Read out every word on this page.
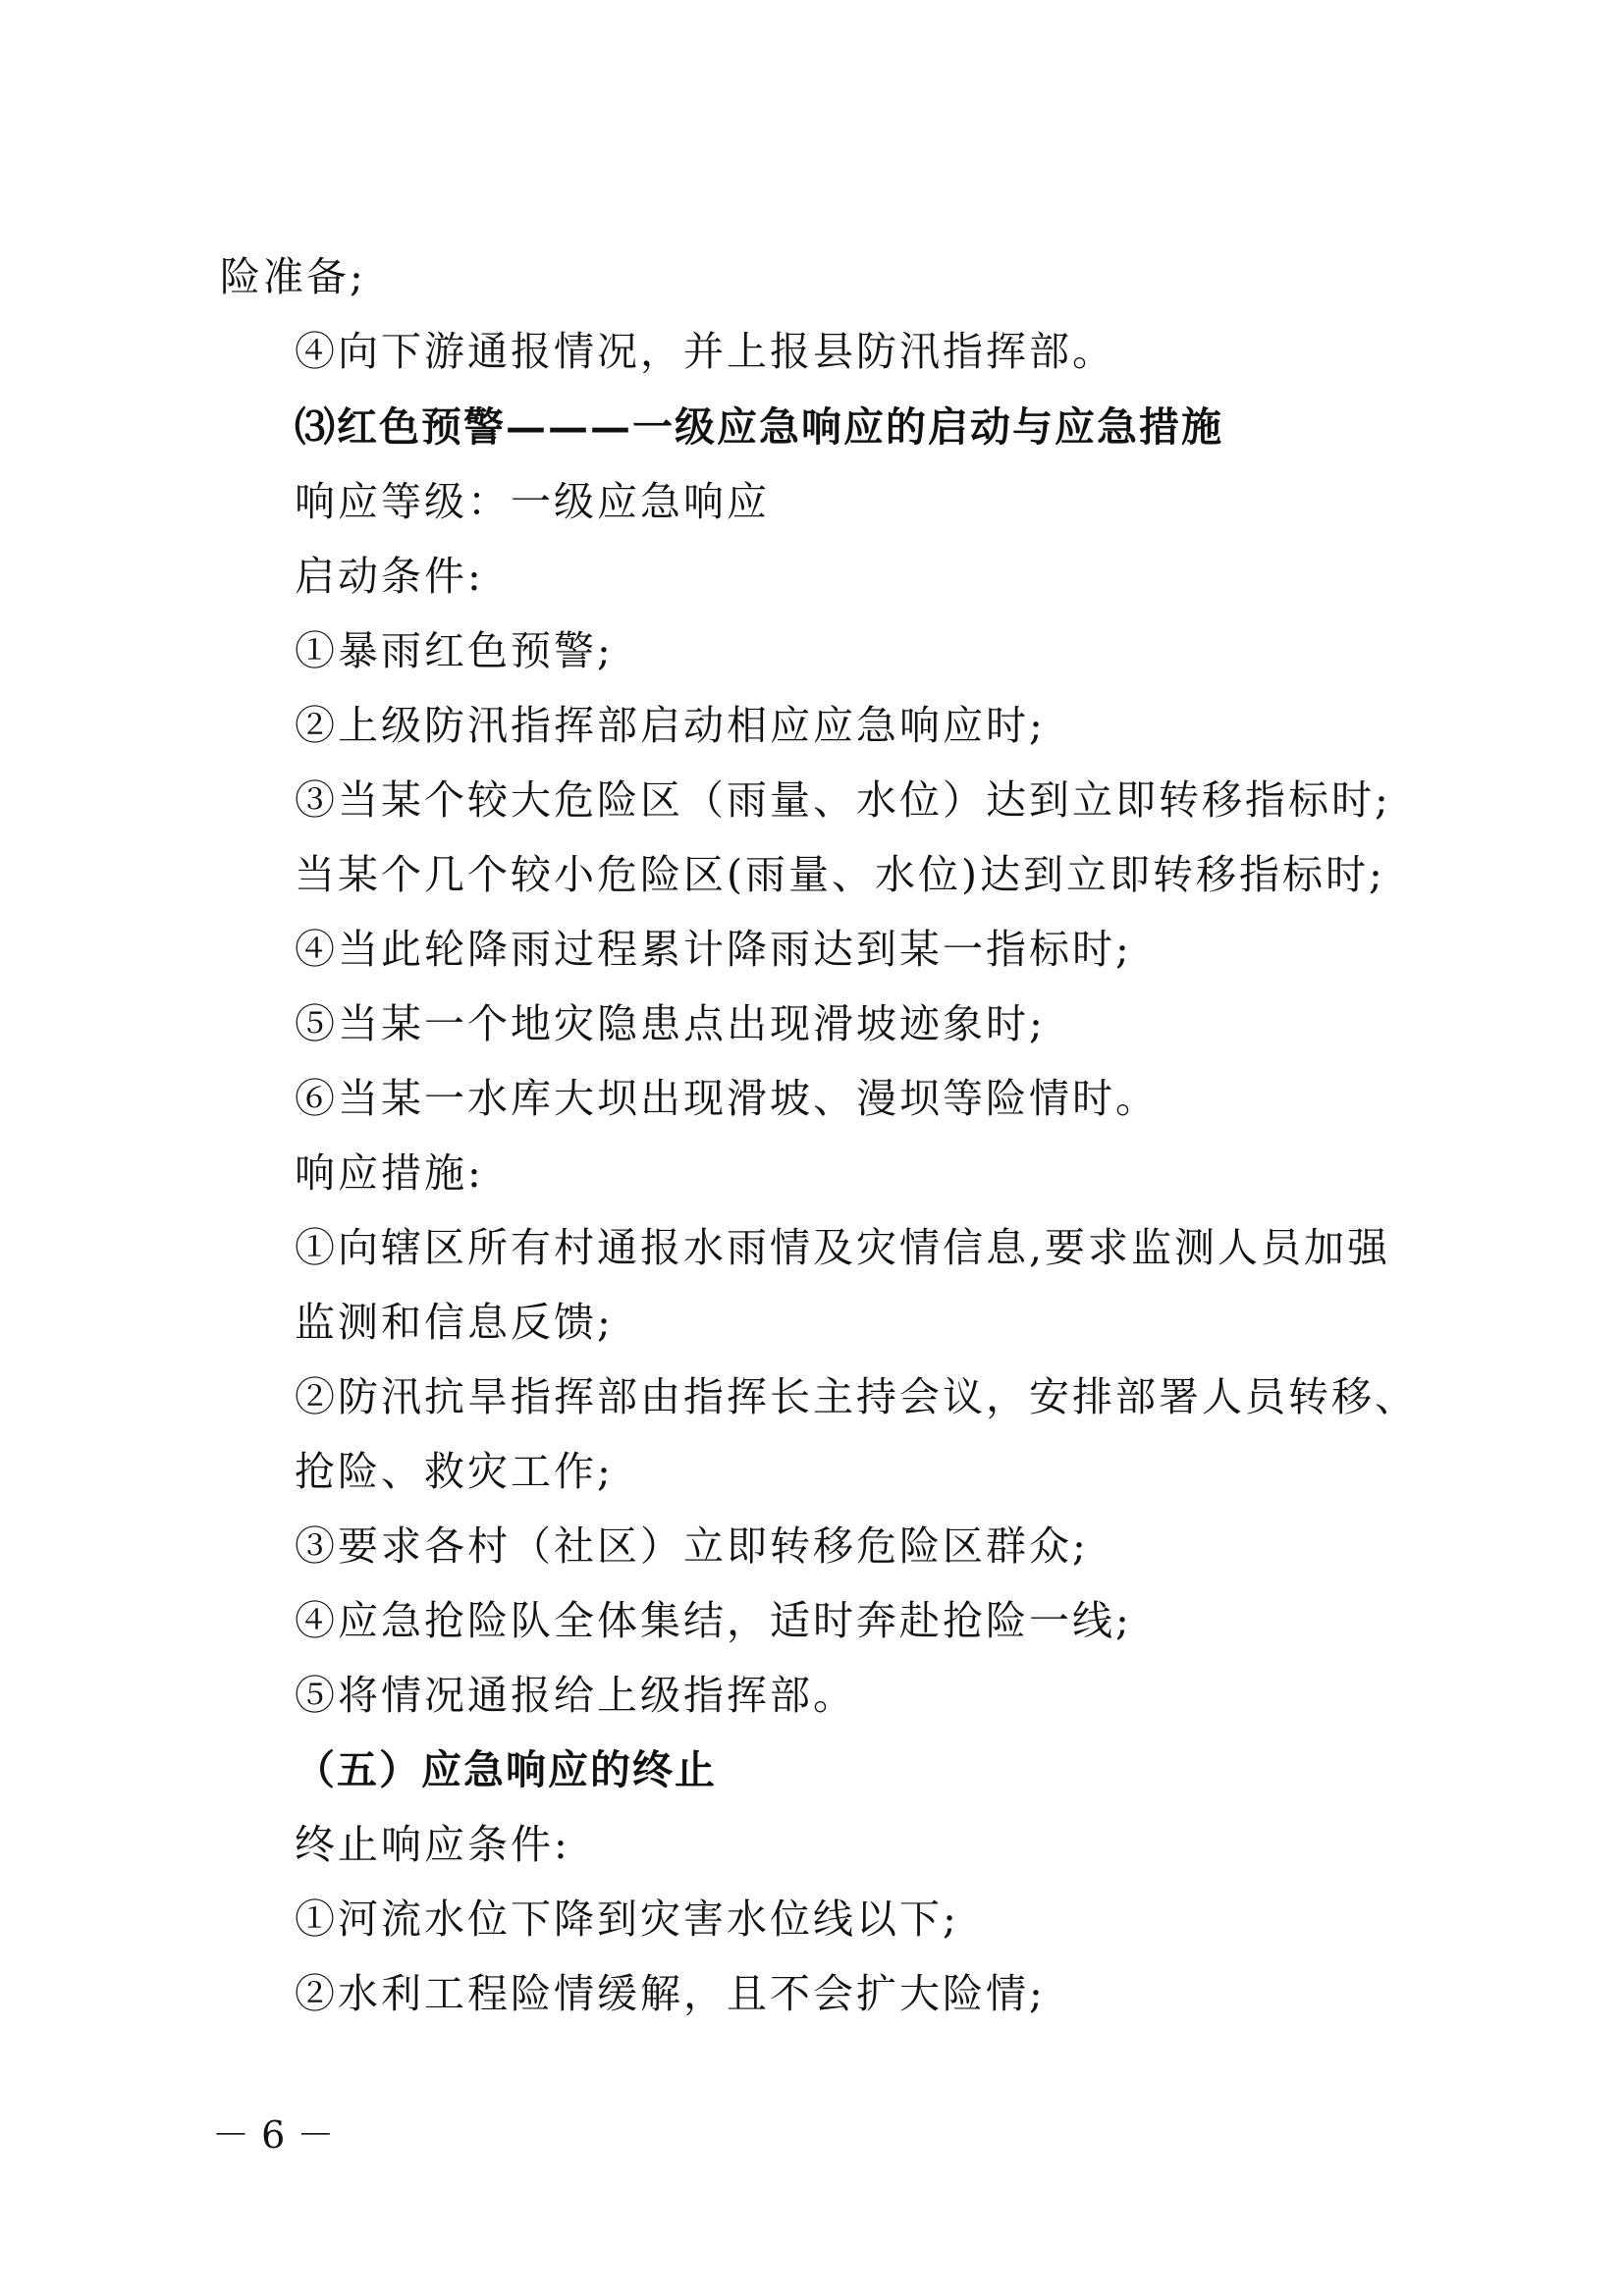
险准备;
④向下游通报情况，并上报县防汛指挥部。
⑶红色预警———一级应急响应的启动与应急措施
响应等级：一级应急响应
启动条件:
①暴雨红色预警;
②上级防汛指挥部启动相应应急响应时;
③当某个较大危险区（雨量、水位）达到立即转移指标时;
当某个几个较小危险区(雨量、水位)达到立即转移指标时;
④当此轮降雨过程累计降雨达到某一指标时;
⑤当某一个地灾隐患点出现滑坡迹象时;
⑥当某一水库大坝出现滑坡、漫坝等险情时。
响应措施:
①向辖区所有村通报水雨情及灾情信息,要求监测人员加强
监测和信息反馈;
②防汛抗旱指挥部由指挥长主持会议，安排部署人员转移、
抢险、救灾工作;
③要求各村（社区）立即转移危险区群众;
④应急抢险队全体集结，适时奔赴抢险一线;
⑤将情况通报给上级指挥部。
（五）应急响应的终止
终止响应条件:
①河流水位下降到灾害水位线以下;
②水利工程险情缓解，且不会扩大险情;
－ 6 －
